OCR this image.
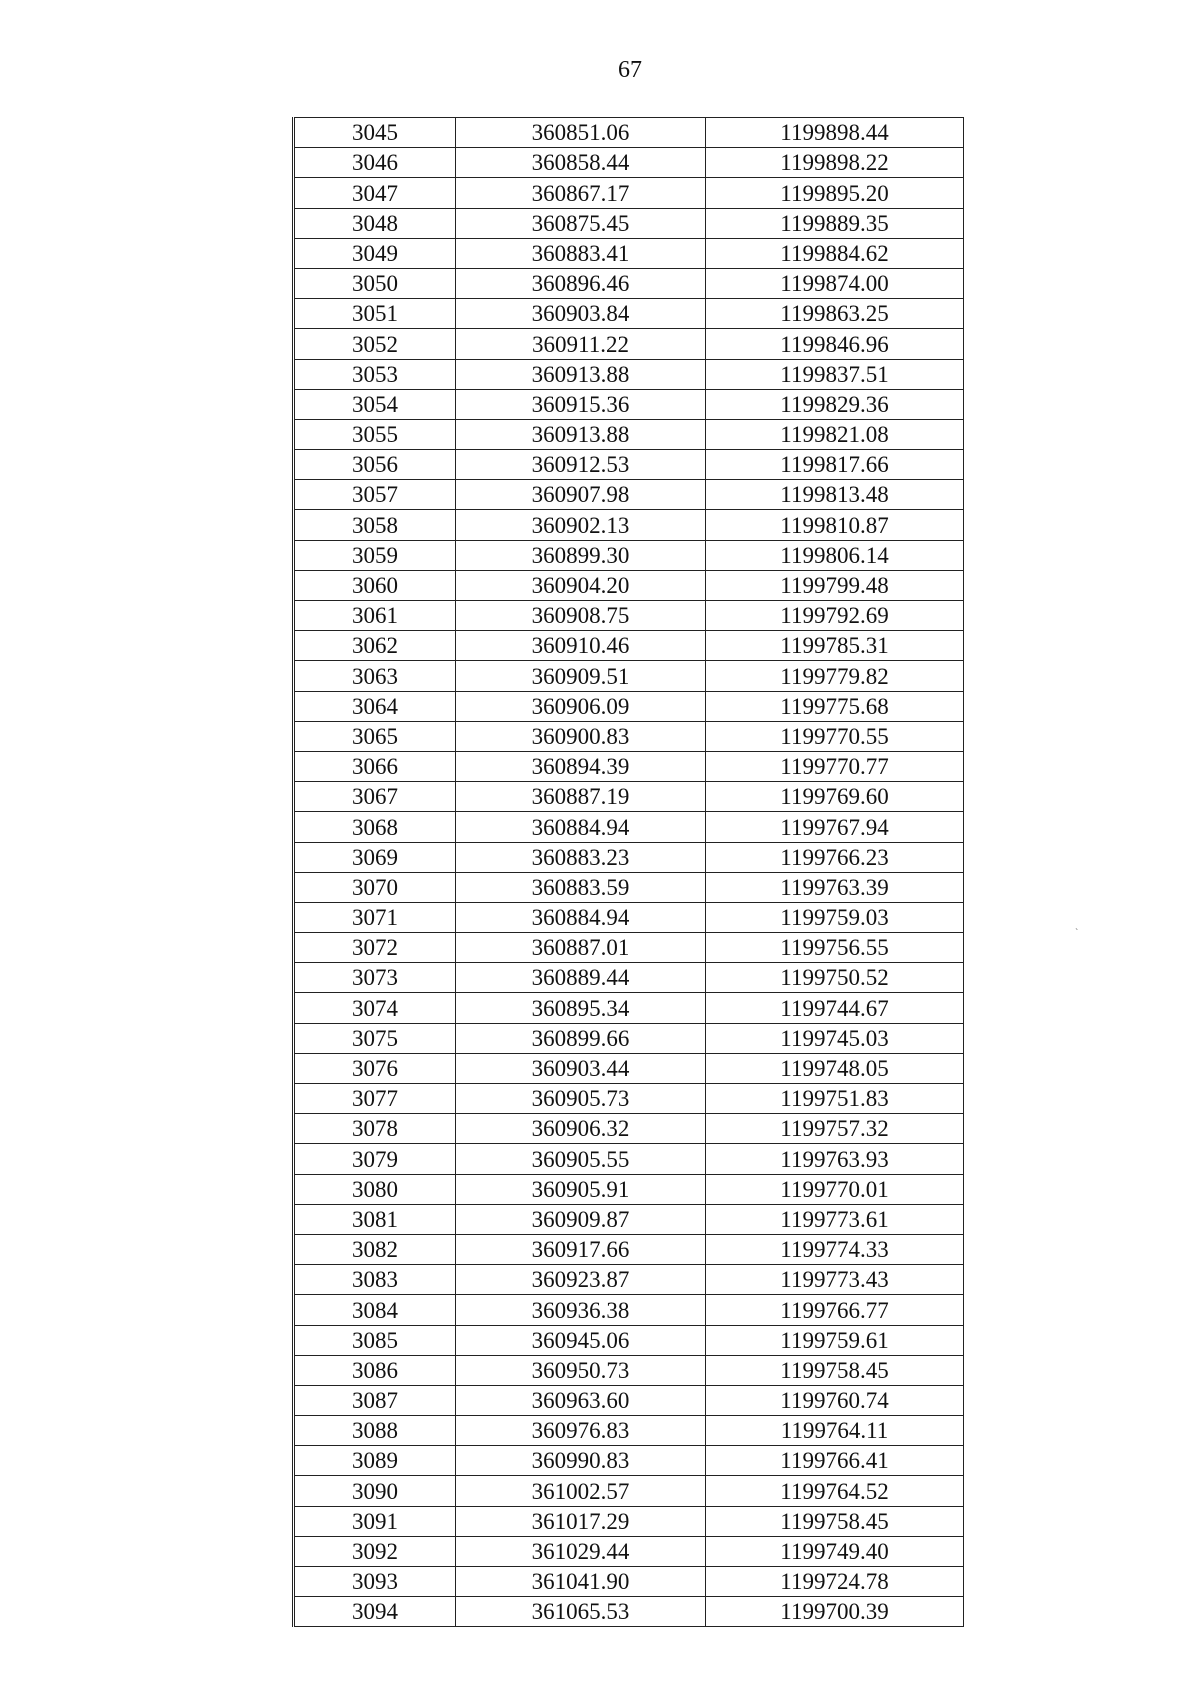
67
3045	360851.06	1199898.44
3046	360858.44	1199898.22
3047	360867.17	1199895.20
3048	360875.45	1199889.35
3049	360883.41	1199884.62
3050	360896.46	1199874.00
3051	360903.84	1199863.25
3052	360911.22	1199846.96
3053	360913.88	1199837.51
3054	360915.36	1199829.36
3055	360913.88	1199821.08
3056	360912.53	1199817.66
3057	360907.98	1199813.48
3058	360902.13	1199810.87
3059	360899.30	1199806.14
3060	360904.20	1199799.48
3061	360908.75	1199792.69
3062	360910.46	1199785.31
3063	360909.51	1199779.82
3064	360906.09	1199775.68
3065	360900.83	1199770.55
3066	360894.39	1199770.77
3067	360887.19	1199769.60
3068	360884.94	1199767.94
3069	360883.23	1199766.23
3070	360883.59	1199763.39
3071	360884.94	1199759.03
3072	360887.01	1199756.55
3073	360889.44	1199750.52
3074	360895.34	1199744.67
3075	360899.66	1199745.03
3076	360903.44	1199748.05
3077	360905.73	1199751.83
3078	360906.32	1199757.32
3079	360905.55	1199763.93
3080	360905.91	1199770.01
3081	360909.87	1199773.61
3082	360917.66	1199774.33
3083	360923.87	1199773.43
3084	360936.38	1199766.77
3085	360945.06	1199759.61
3086	360950.73	1199758.45
3087	360963.60	1199760.74
3088	360976.83	1199764.11
3089	360990.83	1199766.41
3090	361002.57	1199764.52
3091	361017.29	1199758.45
3092	361029.44	1199749.40
3093	361041.90	1199724.78
3094	361065.53	1199700.39
`
